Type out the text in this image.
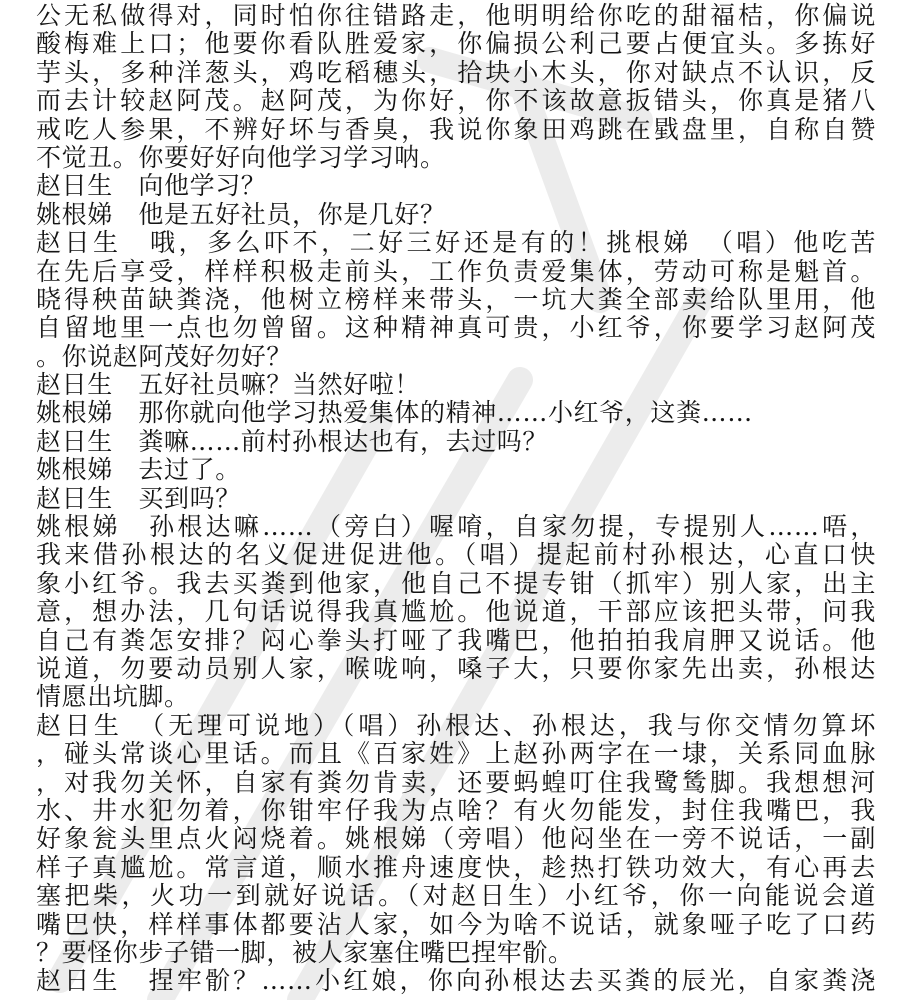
公无私做得对，同时怕你往错路走，他明明给你吃的甜福桔，你偏说
酸梅难上口；他要你看队胜爱家，你偏损公利己要占便宜头。多拣好
芋头，多种洋葱头，鸡吃稻穗头，拾块小木头，你对缺点不认识，反
而去计较赵阿茂。赵阿茂，为你好，你不该故意扳错头，你真是猪八
戒吃人参果，不辨好坏与香臭，我说你象田鸡跳在戥盘里，自称自赞
不觉丑。你要好好向他学习学习呐。
赵日生　向他学习？
姚根娣　他是五好社员，你是几好？
赵日生　哦，多么吓不，二好三好还是有的！挑根娣　（唱）他吃苦
在先后享受，样样积极走前头，工作负责爱集体，劳动可称是魁首。
晓得秧苗缺粪浇，他树立榜样来带头，一坑大粪全部卖给队里用，他
自留地里一点也勿曾留。这种精神真可贵，小红爷，你要学习赵阿茂
。你说赵阿茂好勿好？
赵日生　五好社员嘛？当然好啦！
姚根娣　那你就向他学习热爱集体的精神……小红爷，这粪……
赵日生　粪嘛……前村孙根达也有，去过吗？
姚根娣　去过了。
赵日生　买到吗？
姚根娣　孙根达嘛……（旁白）喔唷，自家勿提，专提别人……唔，
我来借孙根达的名义促进促进他。（唱）提起前村孙根达，心直口快
象小红爷。我去买粪到他家，他自己不提专钳（抓牢）别人家，出主
意，想办法，几句话说得我真尴尬。他说道，干部应该把头带，问我
自己有粪怎安排？闷心拳头打哑了我嘴巴，他拍拍我肩胛又说话。他
说道，勿要动员别人家，喉咙响，嗓子大，只要你家先出卖，孙根达
情愿出坑脚。
赵日生　（无理可说地）（唱）孙根达、孙根达，我与你交情勿算坏
，碰头常谈心里话。而且《百家姓》上赵孙两字在一埭，关系同血脉
，对我勿关怀，自家有粪勿肯卖，还要蚂蝗叮住我鹭鸶脚。我想想河
水、井水犯勿着，你钳牢仔我为点啥？有火勿能发，封住我嘴巴，我
好象瓮头里点火闷烧着。姚根娣（旁唱）他闷坐在一旁不说话，一副
样子真尴尬。常言道，顺水推舟速度快，趁热打铁功效大，有心再去
塞把柴，火功一到就好说话。（对赵日生）小红爷，你一向能说会道
嘴巴快，样样事体都要沾人家，如今为啥不说话，就象哑子吃了口药
？要怪你步子错一脚，被人家塞住嘴巴捏牢骱。
赵日生　捏牢骱？……小红娘，你向孙根达去买粪的辰光，自家粪浇
